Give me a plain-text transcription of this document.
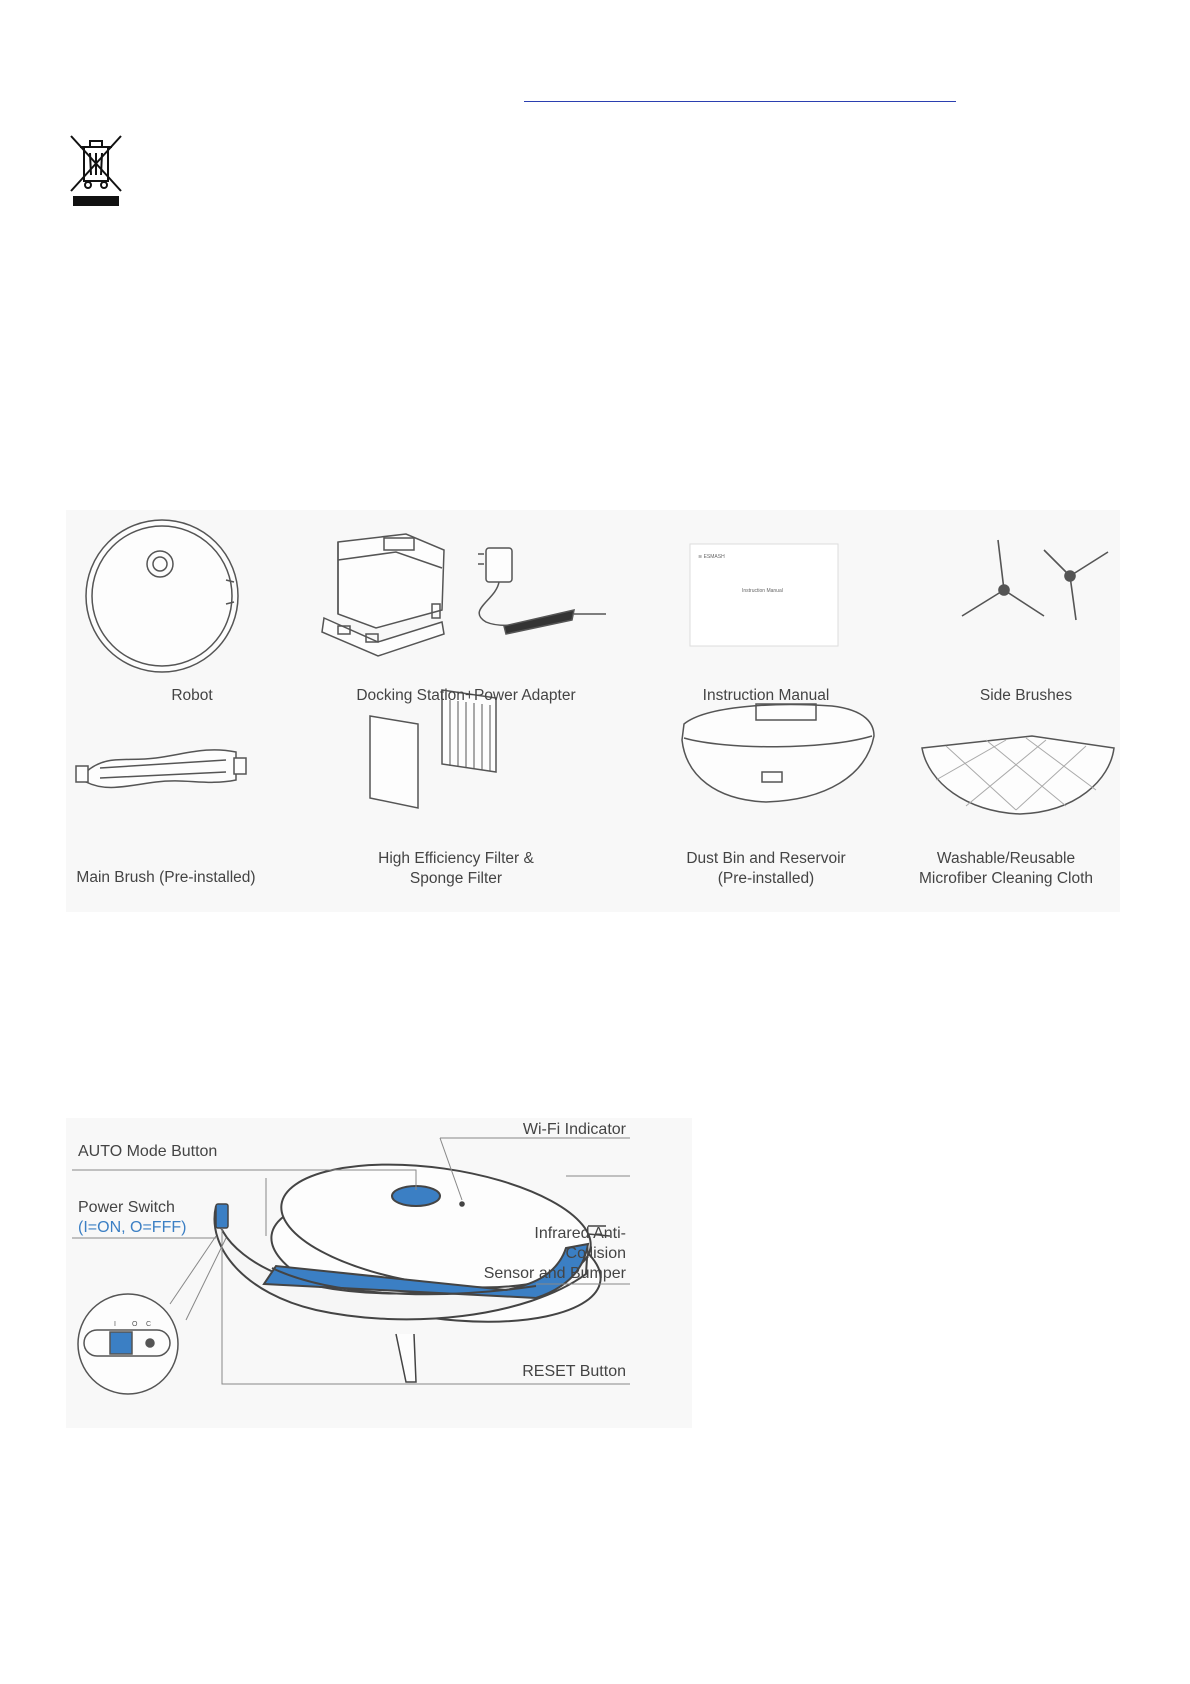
≋ ESMASH
Instruction Manual
Robot	Docking Station+Power Adapter	Instruction Manual	Side Brushes
Main Brush (Pre-installed)
High Efficiency Filter &
Sponge Filter
Dust Bin and Reservoir
(Pre-installed)
Washable/Reusable
Microfiber Cleaning Cloth
I O C
AUTO Mode Button
Wi-Fi Indicator
Power Switch
(I=ON, O=FFF)	Infrared Anti-
Collision
Sensor and Bumper
RESET Button
